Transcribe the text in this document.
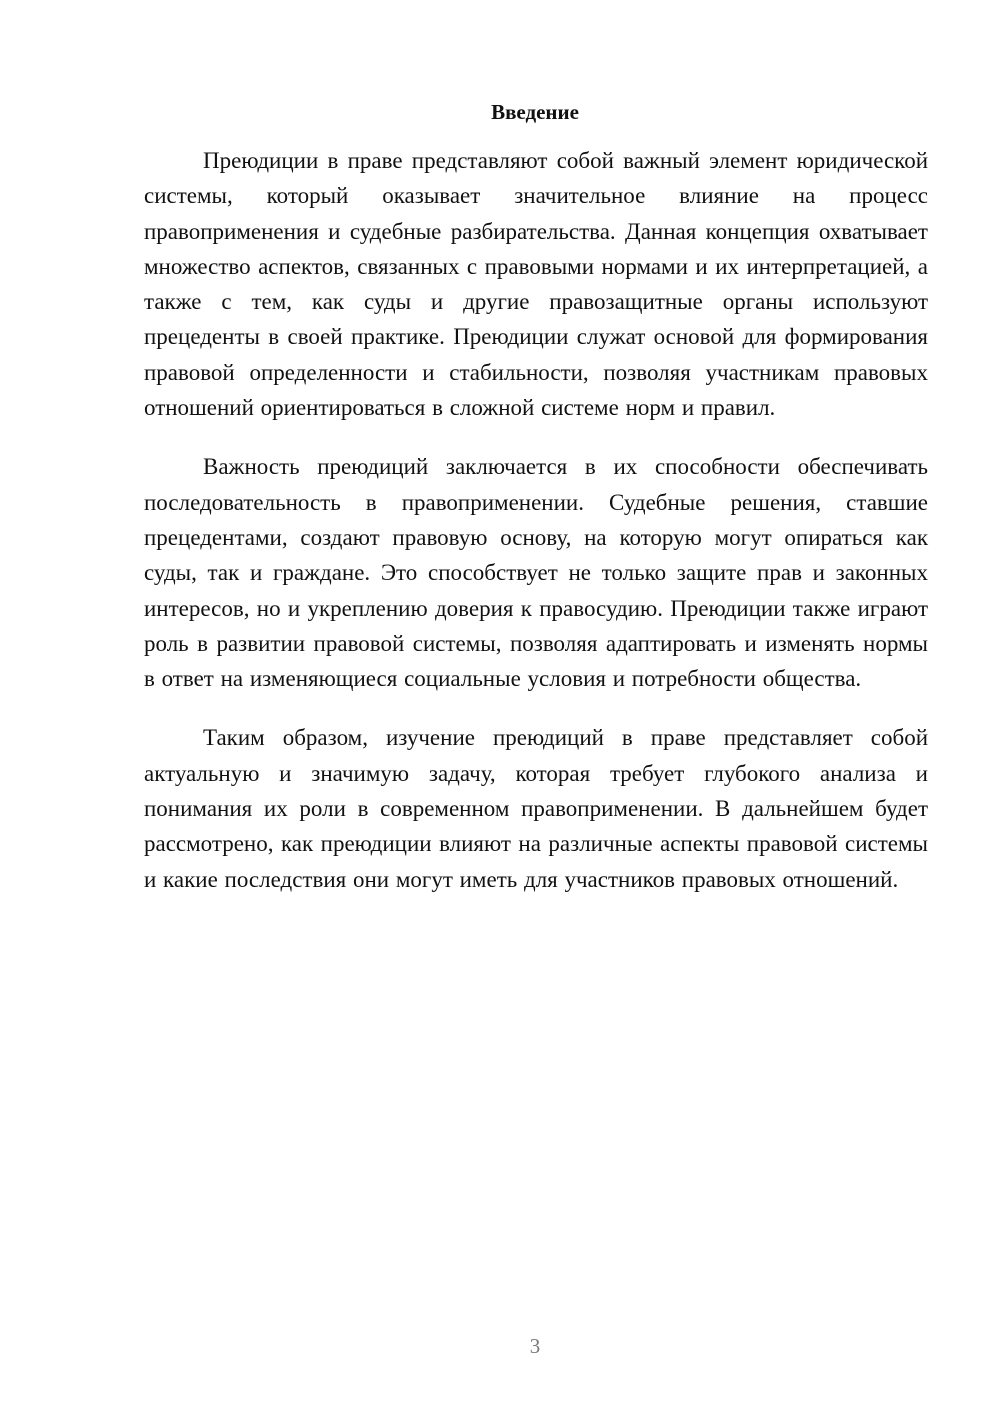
Введение

Преюдиции в праве представляют собой важный элемент юридической системы, который оказывает значительное влияние на процесс правоприменения и судебные разбирательства. Данная концепция охватывает множество аспектов, связанных с правовыми нормами и их интерпретацией, а также с тем, как суды и другие правозащитные органы используют прецеденты в своей практике. Преюдиции служат основой для формирования правовой определенности и стабильности, позволяя участникам правовых отношений ориентироваться в сложной системе норм и правил.

Важность преюдиций заключается в их способности обеспечивать последовательность в правоприменении. Судебные решения, ставшие прецедентами, создают правовую основу, на которую могут опираться как суды, так и граждане. Это способствует не только защите прав и законных интересов, но и укреплению доверия к правосудию. Преюдиции также играют роль в развитии правовой системы, позволяя адаптировать и изменять нормы в ответ на изменяющиеся социальные условия и потребности общества.

Таким образом, изучение преюдиций в праве представляет собой актуальную и значимую задачу, которая требует глубокого анализа и понимания их роли в современном правоприменении. В дальнейшем будет рассмотрено, как преюдиции влияют на различные аспекты правовой системы и какие последствия они могут иметь для участников правовых отношений.

3
